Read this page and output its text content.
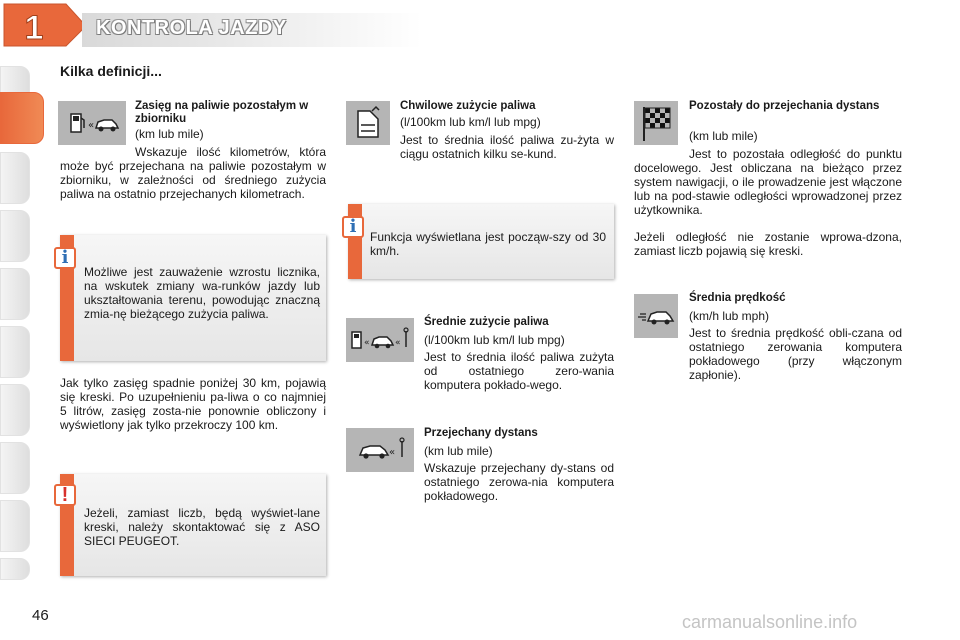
1	KONTROLA JAZDY
Kilka definicji...
«
Zasięg na paliwie pozostałym w zbiorniku
(km lub mile)
Wskazuje ilość kilometrów, która może być przejechana na paliwie pozostałym w zbiorniku, w zależności od średniego zużycia paliwa na ostatnio przejechanych kilometrach.
i
Możliwe jest zauważenie wzrostu licznika, na wskutek zmiany wa-runków jazdy lub ukształtowania terenu, powodując znaczną zmia-nę bieżącego zużycia paliwa.
Jak tylko zasięg spadnie poniżej 30 km, pojawią się kreski. Po uzupełnieniu pa-liwa o co najmniej 5 litrów, zasięg zosta-nie ponownie obliczony i wyświetlony jak tylko przekroczy 100 km.
!
Jeżeli, zamiast liczb, będą wyświet-lane kreski, należy skontaktować się z ASO SIECI PEUGEOT.
Chwilowe zużycie paliwa
(l/100km lub km/l lub mpg)
Jest to średnia ilość paliwa zu-żyta w ciągu ostatnich kilku se-kund.
i	Funkcja wyświetlana jest począw-szy od 30 km/h.
«	«
Średnie zużycie paliwa
(l/100km lub km/l lub mpg)
Jest to średnia ilość paliwa zużyta od ostatniego zero-wania komputera pokłado-wego.
«
Przejechany dystans
(km lub mile)
Wskazuje przejechany dy-stans od ostatniego zerowa-nia komputera pokładowego.
Pozostały do przejechania dystans
(km lub mile)
Jest to pozostała odległość do punktu docelowego. Jest obliczana na bieżąco przez system nawigacji, o ile prowadzenie jest włączone lub na pod-stawie odległości wprowadzonej przez użytkownika.
Jeżeli odległość nie zostanie wprowa-dzona, zamiast liczb pojawią się kreski.
Średnia prędkość
(km/h lub mph)
Jest to średnia prędkość obli-czana od ostatniego zerowania komputera pokładowego (przy włączonym zapłonie).
46	carmanualsonline.info
